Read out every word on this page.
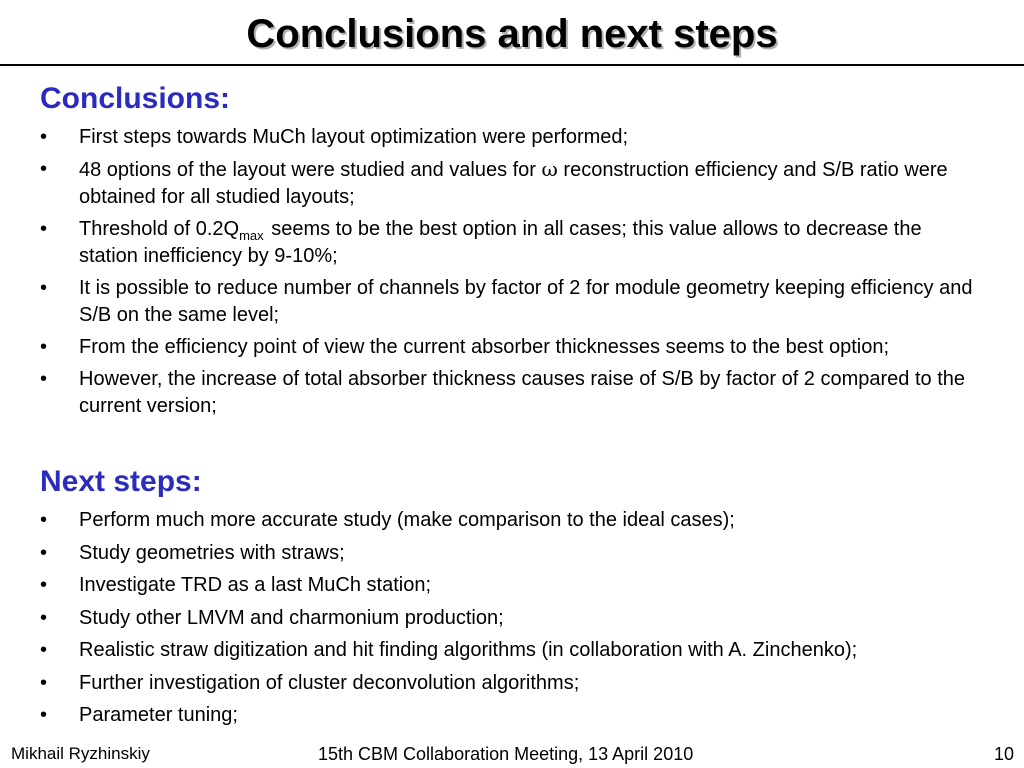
Conclusions and next steps
Conclusions:
• First steps towards MuCh layout optimization were performed;
• 48 options of the layout were studied and values for ω reconstruction efficiency and S/B ratio were obtained for all studied layouts;
• Threshold of $0.2Q_{max}$ seems to be the best option in all cases; this value allows to decrease the station inefficiency by 9-10%;
• It is possible to reduce number of channels by factor of 2 for module geometry keeping efficiency and S/B on the same level;
• From the efficiency point of view the current absorber thicknesses seems to the best option;
• However, the increase of total absorber thickness causes raise of S/B by factor of 2 compared to the current version;
Next steps:
• Perform much more accurate study (make comparison to the ideal cases);
• Study geometries with straws;
• Investigate TRD as a last MuCh station;
• Study other LMVM and charmonium production;
• Realistic straw digitization and hit finding algorithms (in collaboration with A. Zinchenko);
• Further investigation of cluster deconvolution algorithms;
• Parameter tuning;
Mikhail Ryzhinskiy	15th CBM Collaboration Meeting, 13 April 2010	10
